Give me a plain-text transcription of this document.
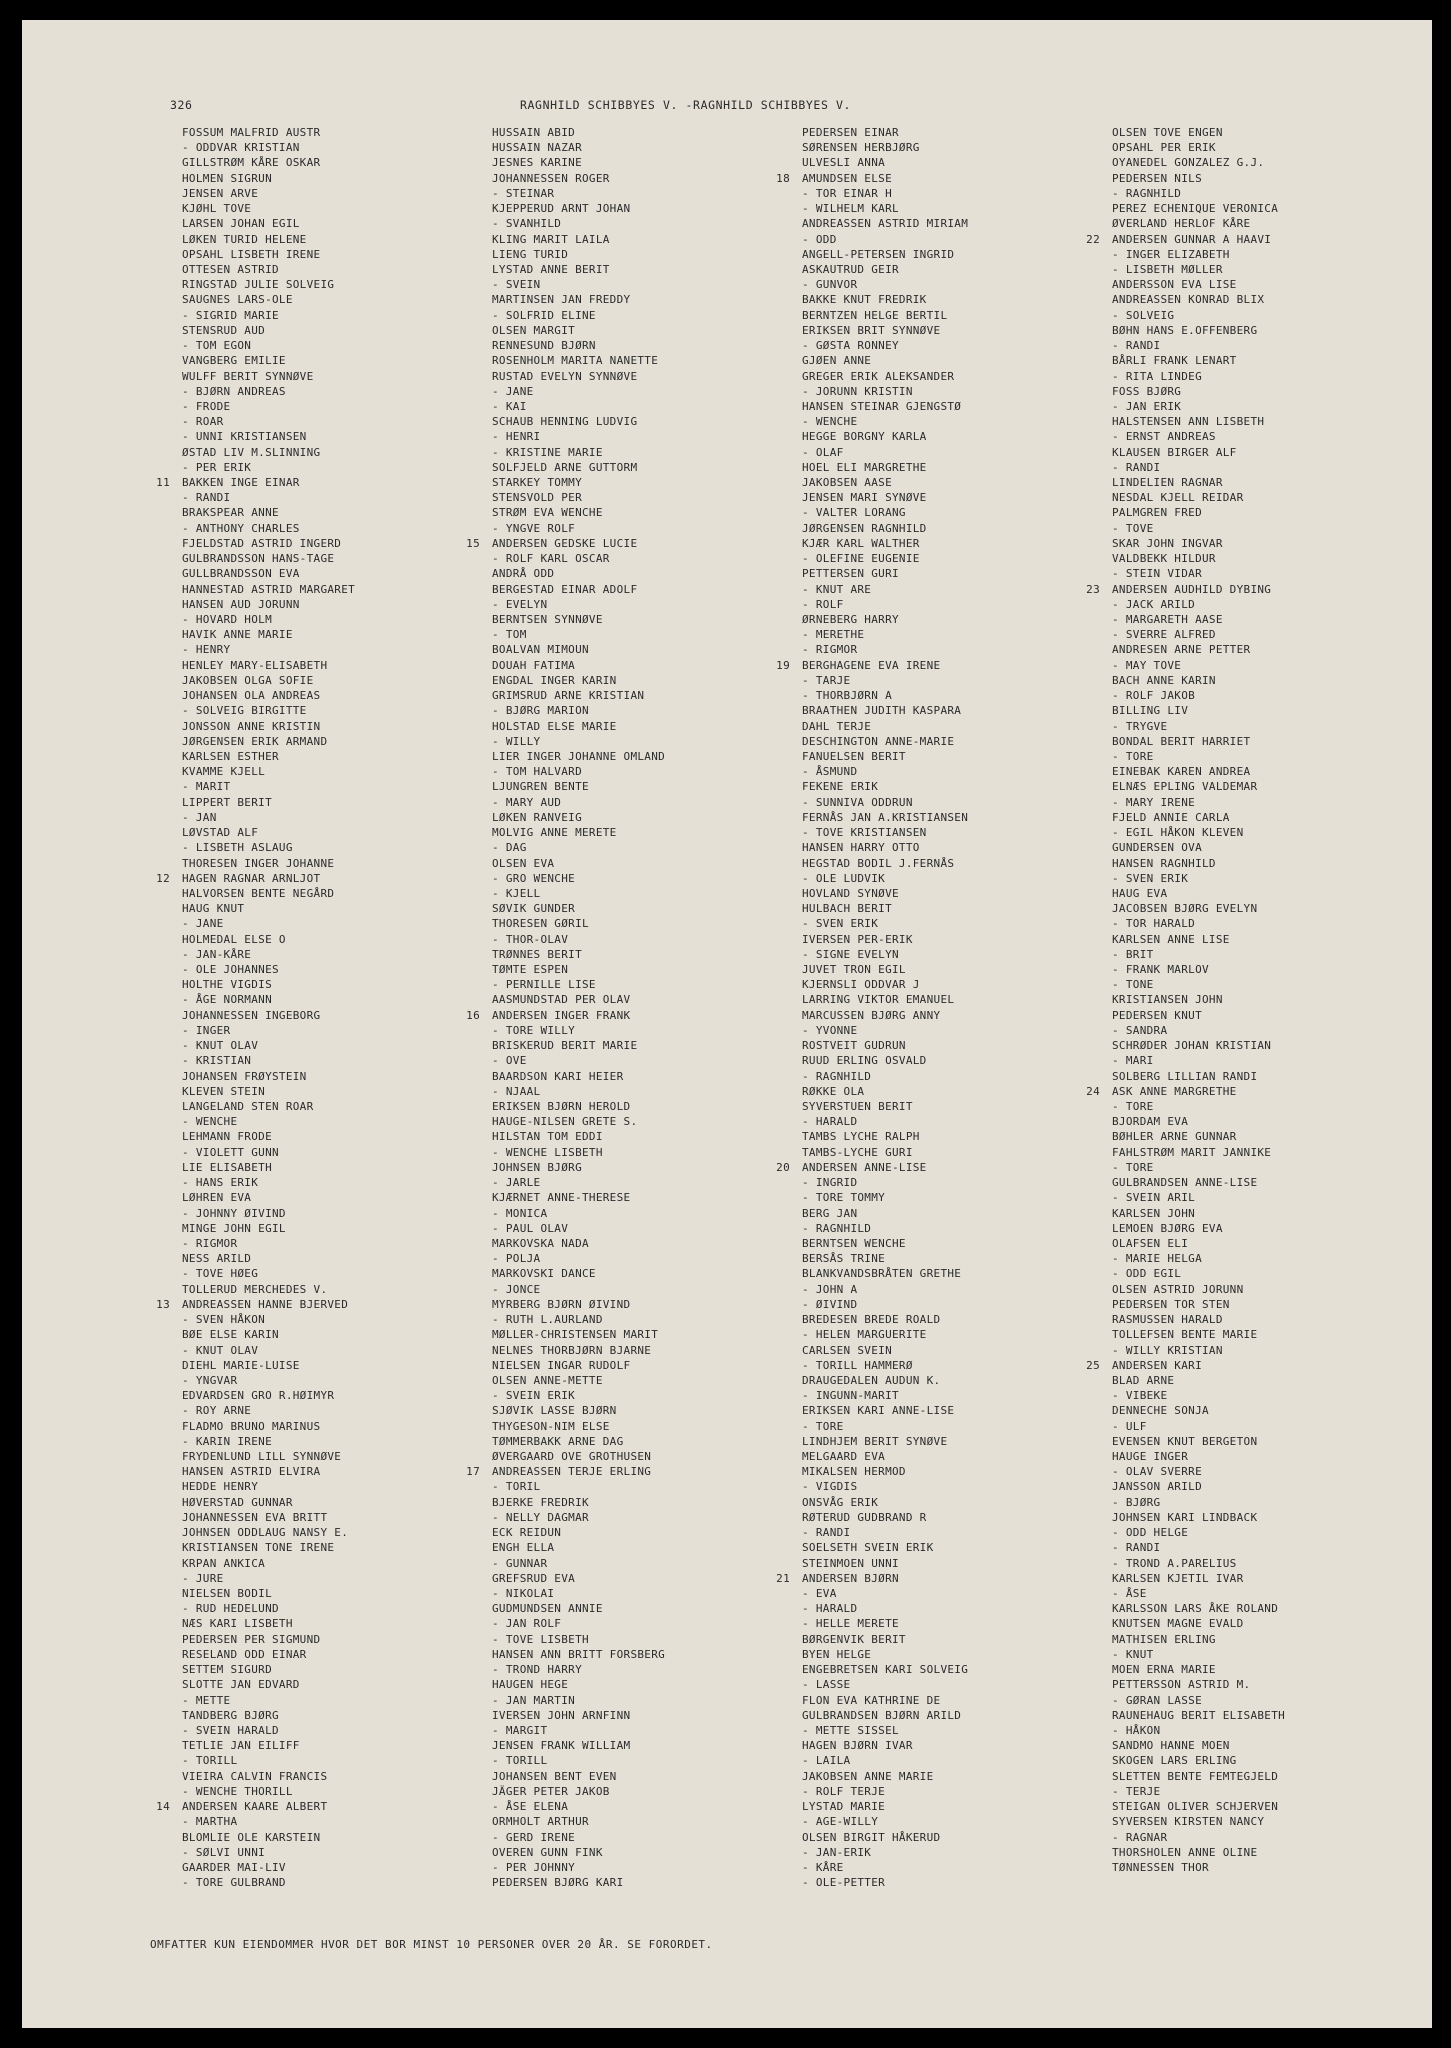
326	RAGNHILD SCHIBBYES V. -RAGNHILD SCHIBBYES V.
FOSSUM MALFRID AUSTR
- ODDVAR KRISTIAN
GILLSTRØM KÅRE OSKAR
HOLMEN SIGRUN
JENSEN ARVE
KJØHL TOVE
LARSEN JOHAN EGIL
LØKEN TURID HELENE
OPSAHL LISBETH IRENE
OTTESEN ASTRID
RINGSTAD JULIE SOLVEIG
SAUGNES LARS-OLE
- SIGRID MARIE
STENSRUD AUD
- TOM EGON
VANGBERG EMILIE
WULFF BERIT SYNNØVE
- BJØRN ANDREAS
- FRODE
- ROAR
- UNNI KRISTIANSEN
ØSTAD LIV M.SLINNING
- PER ERIK
11 BAKKEN INGE EINAR
- RANDI
BRAKSPEAR ANNE
- ANTHONY CHARLES
FJELDSTAD ASTRID INGERD
GULBRANDSSON HANS-TAGE
GULLBRANDSSON EVA
HANNESTAD ASTRID MARGARET
HANSEN AUD JORUNN
- HOVARD HOLM
HAVIK ANNE MARIE
- HENRY
HENLEY MARY-ELISABETH
JAKOBSEN OLGA SOFIE
JOHANSEN OLA ANDREAS
- SOLVEIG BIRGITTE
JONSSON ANNE KRISTIN
JØRGENSEN ERIK ARMAND
KARLSEN ESTHER
KVAMME KJELL
- MARIT
LIPPERT BERIT
- JAN
LØVSTAD ALF
- LISBETH ASLAUG
THORESEN INGER JOHANNE
12 HAGEN RAGNAR ARNLJOT
HALVORSEN BENTE NEGÅRD
HAUG KNUT
- JANE
HOLMEDAL ELSE O
- JAN-KÅRE
- OLE JOHANNES
HOLTHE VIGDIS
- ÅGE NORMANN
JOHANNESSEN INGEBORG
- INGER
- KNUT OLAV
- KRISTIAN
JOHANSEN FRØYSTEIN
KLEVEN STEIN
LANGELAND STEN ROAR
- WENCHE
LEHMANN FRODE
- VIOLETT GUNN
LIE ELISABETH
- HANS ERIK
LØHREN EVA
- JOHNNY ØIVIND
MINGE JOHN EGIL
- RIGMOR
NESS ARILD
- TOVE HØEG
TOLLERUD MERCHEDES V.
13 ANDREASSEN HANNE BJERVED
- SVEN HÅKON
BØE ELSE KARIN
- KNUT OLAV
DIEHL MARIE-LUISE
- YNGVAR
EDVARDSEN GRO R.HØIMYR
- ROY ARNE
FLADMO BRUNO MARINUS
- KARIN IRENE
FRYDENLUND LILL SYNNØVE
HANSEN ASTRID ELVIRA
HEDDE HENRY
HØVERSTAD GUNNAR
JOHANNESSEN EVA BRITT
JOHNSEN ODDLAUG NANSY E.
KRISTIANSEN TONE IRENE
KRPAN ANKICA
- JURE
NIELSEN BODIL
- RUD HEDELUND
NÆS KARI LISBETH
PEDERSEN PER SIGMUND
RESELAND ODD EINAR
SETTEM SIGURD
SLOTTE JAN EDVARD
- METTE
TANDBERG BJØRG
- SVEIN HARALD
TETLIE JAN EILIFF
- TORILL
VIEIRA CALVIN FRANCIS
- WENCHE THORILL
14 ANDERSEN KAARE ALBERT
- MARTHA
BLOMLIE OLE KARSTEIN
- SØLVI UNNI
GAARDER MAI-LIV
- TORE GULBRAND
HUSSAIN ABID
HUSSAIN NAZAR
JESNES KARINE
JOHANNESSEN ROGER
- STEINAR
KJEPPERUD ARNT JOHAN
- SVANHILD
KLING MARIT LAILA
LIENG TURID
LYSTAD ANNE BERIT
- SVEIN
MARTINSEN JAN FREDDY
- SOLFRID ELINE
OLSEN MARGIT
RENNESUND BJØRN
ROSENHOLM MARITA NANETTE
RUSTAD EVELYN SYNNØVE
- JANE
- KAI
SCHAUB HENNING LUDVIG
- HENRI
- KRISTINE MARIE
SOLFJELD ARNE GUTTORM
STARKEY TOMMY
STENSVOLD PER
STRØM EVA WENCHE
- YNGVE ROLF
15 ANDERSEN GEDSKE LUCIE
- ROLF KARL OSCAR
ANDRÅ ODD
BERGESTAD EINAR ADOLF
- EVELYN
BERNTSEN SYNNØVE
- TOM
BOALVAN MIMOUN
DOUAH FATIMA
ENGDAL INGER KARIN
GRIMSRUD ARNE KRISTIAN
- BJØRG MARION
HOLSTAD ELSE MARIE
- WILLY
LIER INGER JOHANNE OMLAND
- TOM HALVARD
LJUNGREN BENTE
- MARY AUD
LØKEN RANVEIG
MOLVIG ANNE MERETE
- DAG
OLSEN EVA
- GRO WENCHE
- KJELL
SØVIK GUNDER
THORESEN GØRIL
- THOR-OLAV
TRØNNES BERIT
TØMTE ESPEN
- PERNILLE LISE
AASMUNDSTAD PER OLAV
16 ANDERSEN INGER FRANK
- TORE WILLY
BRISKERUD BERIT MARIE
- OVE
BAARDSON KARI HEIER
- NJAAL
ERIKSEN BJØRN HEROLD
HAUGE-NILSEN GRETE S.
HILSTAN TOM EDDI
- WENCHE LISBETH
JOHNSEN BJØRG
- JARLE
KJÆRNET ANNE-THERESE
- MONICA
- PAUL OLAV
MARKOVSKA NADA
- POLJA
MARKOVSKI DANCE
- JONCE
MYRBERG BJØRN ØIVIND
- RUTH L.AURLAND
MØLLER-CHRISTENSEN MARIT
NELNES THORBJØRN BJARNE
NIELSEN INGAR RUDOLF
OLSEN ANNE-METTE
- SVEIN ERIK
SJØVIK LASSE BJØRN
THYGESON-NIM ELSE
TØMMERBAKK ARNE DAG
ØVERGAARD OVE GROTHUSEN
17 ANDREASSEN TERJE ERLING
- TORIL
BJERKE FREDRIK
- NELLY DAGMAR
ECK REIDUN
ENGH ELLA
- GUNNAR
GREFSRUD EVA
- NIKOLAI
GUDMUNDSEN ANNIE
- JAN ROLF
- TOVE LISBETH
HANSEN ANN BRITT FORSBERG
- TROND HARRY
HAUGEN HEGE
- JAN MARTIN
IVERSEN JOHN ARNFINN
- MARGIT
JENSEN FRANK WILLIAM
- TORILL
JOHANSEN BENT EVEN
JÄGER PETER JAKOB
- ÅSE ELENA
ORMHOLT ARTHUR
- GERD IRENE
OVEREN GUNN FINK
- PER JOHNNY
PEDERSEN BJØRG KARI
PEDERSEN EINAR
SØRENSEN HERBJØRG
ULVESLI ANNA
18 AMUNDSEN ELSE
- TOR EINAR H
- WILHELM KARL
ANDREASSEN ASTRID MIRIAM
- ODD
ANGELL-PETERSEN INGRID
ASKAUTRUD GEIR
- GUNVOR
BAKKE KNUT FREDRIK
BERNTZEN HELGE BERTIL
ERIKSEN BRIT SYNNØVE
- GØSTA RONNEY
GJØEN ANNE
GREGER ERIK ALEKSANDER
- JORUNN KRISTIN
HANSEN STEINAR GJENGSTØ
- WENCHE
HEGGE BORGNY KARLA
- OLAF
HOEL ELI MARGRETHE
JAKOBSEN AASE
JENSEN MARI SYNØVE
- VALTER LORANG
JØRGENSEN RAGNHILD
KJÆR KARL WALTHER
- OLEFINE EUGENIE
PETTERSEN GURI
- KNUT ARE
- ROLF
ØRNEBERG HARRY
- MERETHE
- RIGMOR
19 BERGHAGENE EVA IRENE
- TARJE
- THORBJØRN A
BRAATHEN JUDITH KASPARA
DAHL TERJE
DESCHINGTON ANNE-MARIE
FANUELSEN BERIT
- ÅSMUND
FEKENE ERIK
- SUNNIVA ODDRUN
FERNÅS JAN A.KRISTIANSEN
- TOVE KRISTIANSEN
HANSEN HARRY OTTO
HEGSTAD BODIL J.FERNÅS
- OLE LUDVIK
HOVLAND SYNØVE
HULBACH BERIT
- SVEN ERIK
IVERSEN PER-ERIK
- SIGNE EVELYN
JUVET TRON EGIL
KJERNSLI ODDVAR J
LARRING VIKTOR EMANUEL
MARCUSSEN BJØRG ANNY
- YVONNE
ROSTVEIT GUDRUN
RUUD ERLING OSVALD
- RAGNHILD
RØKKE OLA
SYVERSTUEN BERIT
- HARALD
TAMBS LYCHE RALPH
TAMBS-LYCHE GURI
20 ANDERSEN ANNE-LISE
- INGRID
- TORE TOMMY
BERG JAN
- RAGNHILD
BERNTSEN WENCHE
BERSÅS TRINE
BLANKVANDSBRÅTEN GRETHE
- JOHN A
- ØIVIND
BREDESEN BREDE ROALD
- HELEN MARGUERITE
CARLSEN SVEIN
- TORILL HAMMERØ
DRAUGEDALEN AUDUN K.
- INGUNN-MARIT
ERIKSEN KARI ANNE-LISE
- TORE
LINDHJEM BERIT SYNØVE
MELGAARD EVA
MIKALSEN HERMOD
- VIGDIS
ONSVÅG ERIK
RØTERUD GUDBRAND R
- RANDI
SOELSETH SVEIN ERIK
STEINMOEN UNNI
21 ANDERSEN BJØRN
- EVA
- HARALD
- HELLE MERETE
BØRGENVIK BERIT
BYEN HELGE
ENGEBRETSEN KARI SOLVEIG
- LASSE
FLON EVA KATHRINE DE
GULBRANDSEN BJØRN ARILD
- METTE SISSEL
HAGEN BJØRN IVAR
- LAILA
JAKOBSEN ANNE MARIE
- ROLF TERJE
LYSTAD MARIE
- AGE-WILLY
OLSEN BIRGIT HÅKERUD
- JAN-ERIK
- KÅRE
- OLE-PETTER
OLSEN TOVE ENGEN
OPSAHL PER ERIK
OYANEDEL GONZALEZ G.J.
PEDERSEN NILS
- RAGNHILD
PEREZ ECHENIQUE VERONICA
ØVERLAND HERLOF KÅRE
22 ANDERSEN GUNNAR A HAAVI
- INGER ELIZABETH
- LISBETH MØLLER
ANDERSSON EVA LISE
ANDREASSEN KONRAD BLIX
- SOLVEIG
BØHN HANS E.OFFENBERG
- RANDI
BÅRLI FRANK LENART
- RITA LINDEG
FOSS BJØRG
- JAN ERIK
HALSTENSEN ANN LISBETH
- ERNST ANDREAS
KLAUSEN BIRGER ALF
- RANDI
LINDELIEN RAGNAR
NESDAL KJELL REIDAR
PALMGREN FRED
- TOVE
SKAR JOHN INGVAR
VALDBEKK HILDUR
- STEIN VIDAR
23 ANDERSEN AUDHILD DYBING
- JACK ARILD
- MARGARETH AASE
- SVERRE ALFRED
ANDRESEN ARNE PETTER
- MAY TOVE
BACH ANNE KARIN
- ROLF JAKOB
BILLING LIV
- TRYGVE
BONDAL BERIT HARRIET
- TORE
EINEBAK KAREN ANDREA
ELNÆS EPLING VALDEMAR
- MARY IRENE
FJELD ANNIE CARLA
- EGIL HÅKON KLEVEN
GUNDERSEN OVA
HANSEN RAGNHILD
- SVEN ERIK
HAUG EVA
JACOBSEN BJØRG EVELYN
- TOR HARALD
KARLSEN ANNE LISE
- BRIT
- FRANK MARLOV
- TONE
KRISTIANSEN JOHN
PEDERSEN KNUT
- SANDRA
SCHRØDER JOHAN KRISTIAN
- MARI
SOLBERG LILLIAN RANDI
24 ASK ANNE MARGRETHE
- TORE
BJORDAM EVA
BØHLER ARNE GUNNAR
FAHLSTRØM MARIT JANNIKE
- TORE
GULBRANDSEN ANNE-LISE
- SVEIN ARIL
KARLSEN JOHN
LEMOEN BJØRG EVA
OLAFSEN ELI
- MARIE HELGA
- ODD EGIL
OLSEN ASTRID JORUNN
PEDERSEN TOR STEN
RASMUSSEN HARALD
TOLLEFSEN BENTE MARIE
- WILLY KRISTIAN
25 ANDERSEN KARI
BLAD ARNE
- VIBEKE
DENNECHE SONJA
- ULF
EVENSEN KNUT BERGETON
HAUGE INGER
- OLAV SVERRE
JANSSON ARILD
- BJØRG
JOHNSEN KARI LINDBACK
- ODD HELGE
- RANDI
- TROND A.PARELIUS
KARLSEN KJETIL IVAR
- ÅSE
KARLSSON LARS ÅKE ROLAND
KNUTSEN MAGNE EVALD
MATHISEN ERLING
- KNUT
MOEN ERNA MARIE
PETTERSSON ASTRID M.
- GØRAN LASSE
RAUNEHAUG BERIT ELISABETH
- HÅKON
SANDMO HANNE MOEN
SKOGEN LARS ERLING
SLETTEN BENTE FEMTEGJELD
- TERJE
STEIGAN OLIVER SCHJERVEN
SYVERSEN KIRSTEN NANCY
- RAGNAR
THORSHOLEN ANNE OLINE
TØNNESSEN THOR
OMFATTER KUN EIENDOMMER HVOR DET BOR MINST 10 PERSONER OVER 20 ÅR. SE FORORDET.
